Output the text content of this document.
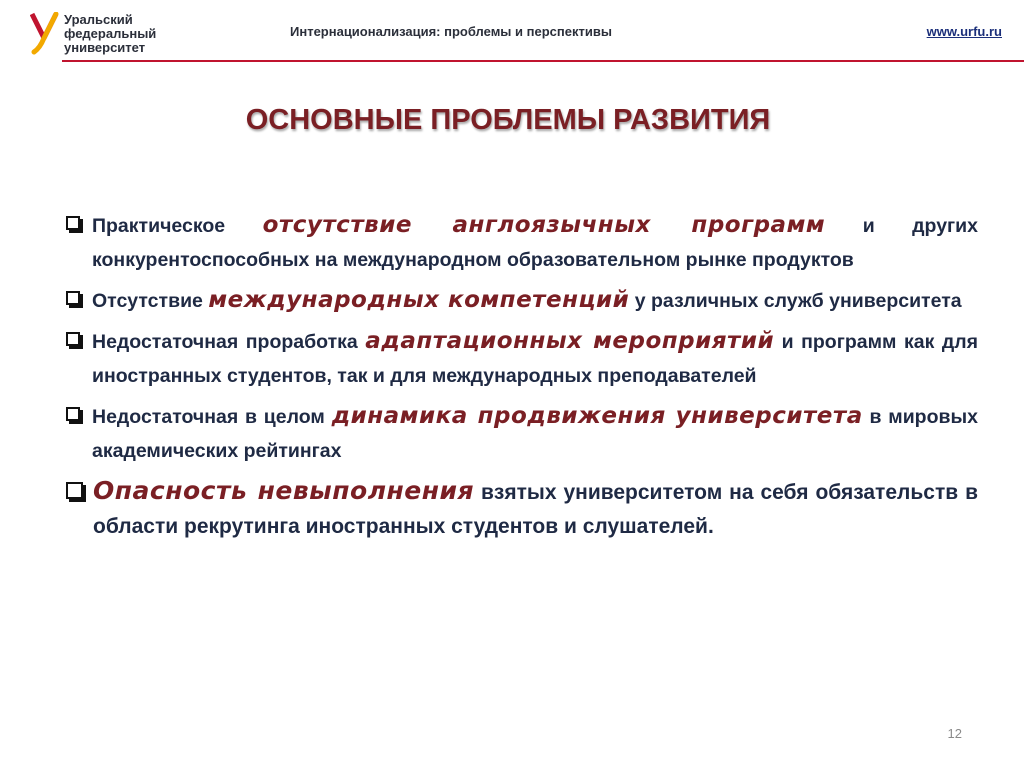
Уральский
федеральный
университет
Интернационализация: проблемы и перспективы	www.urfu.ru
ОСНОВНЫЕ ПРОБЛЕМЫ РАЗВИТИЯ
Практическое отсутствие англоязычных программ и других конкурентоспособных на международном образовательном рынке продуктов
Отсутствие международных компетенций у различных служб университета
Недостаточная проработка адаптационных мероприятий и программ как для иностранных студентов, так и для международных преподавателей
Недостаточная в целом динамика продвижения университета в мировых академических рейтингах
Опасность невыполнения взятых университетом на себя обязательств в области рекрутинга иностранных студентов и слушателей.
12
